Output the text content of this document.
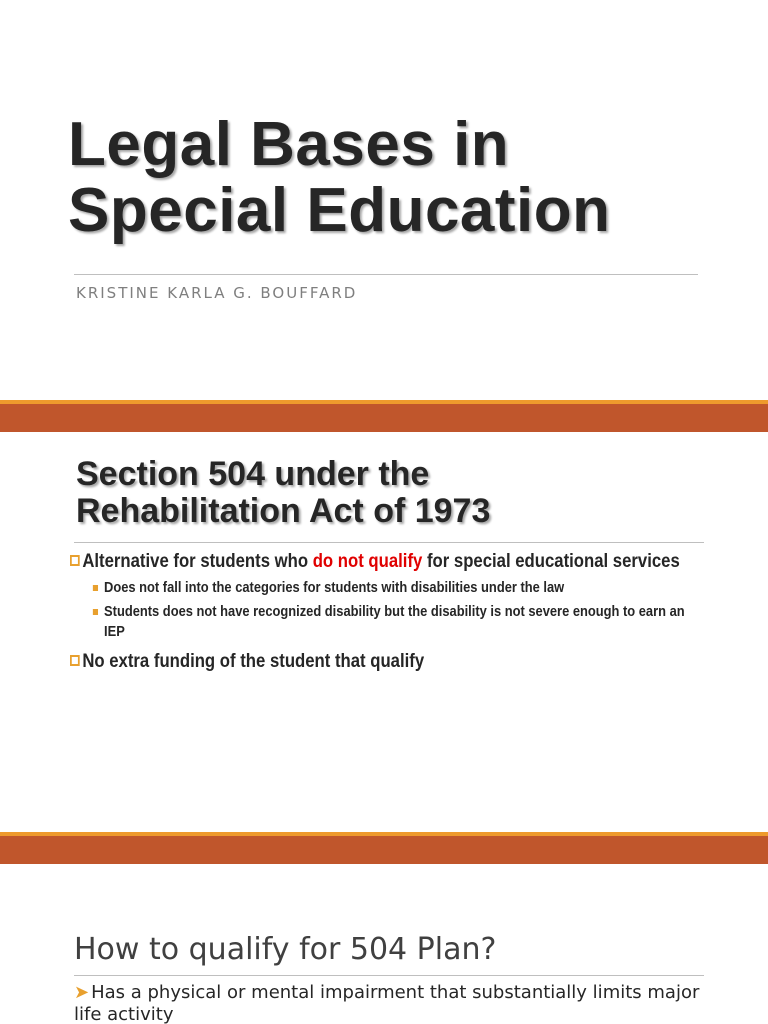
Legal Bases in
Special Education
KRISTINE KARLA G. BOUFFARD
Section 504 under the
Rehabilitation Act of 1973
Alternative for students who do not qualify for special educational services
Does not fall into the categories for students with disabilities under the law
Students does not have recognized disability but the disability is not severe enough to earn an IEP
No extra funding of the student that qualify
How to qualify for 504 Plan?
➤ Has a physical or mental impairment that substantially limits major life activity
